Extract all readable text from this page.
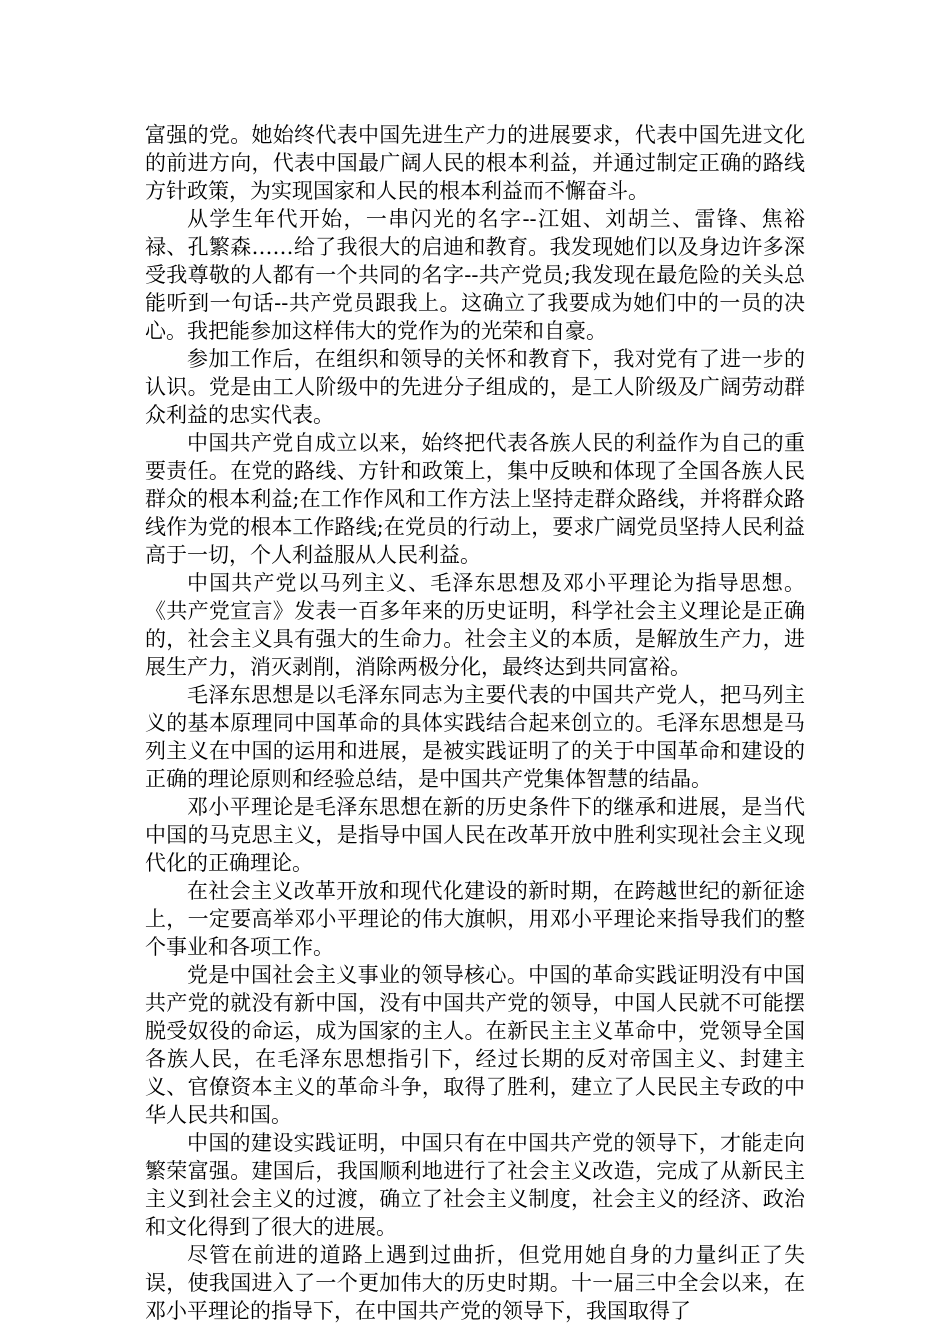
富强的党。她始终代表中国先进生产力的进展要求，代表中国先进文化的前进方向，代表中国最广阔人民的根本利益，并通过制定正确的路线方针政策，为实现国家和人民的根本利益而不懈奋斗。

从学生年代开始，一串闪光的名字--江姐、刘胡兰、雷锋、焦裕禄、孔繁森……给了我很大的启迪和教育。我发现她们以及身边许多深受我尊敬的人都有一个共同的名字--共产党员;我发现在最危险的关头总能听到一句话--共产党员跟我上。这确立了我要成为她们中的一员的决心。我把能参加这样伟大的党作为的光荣和自豪。

参加工作后，在组织和领导的关怀和教育下，我对党有了进一步的认识。党是由工人阶级中的先进分子组成的，是工人阶级及广阔劳动群众利益的忠实代表。

中国共产党自成立以来，始终把代表各族人民的利益作为自己的重要责任。在党的路线、方针和政策上，集中反映和体现了全国各族人民群众的根本利益;在工作作风和工作方法上坚持走群众路线，并将群众路线作为党的根本工作路线;在党员的行动上，要求广阔党员坚持人民利益高于一切，个人利益服从人民利益。

中国共产党以马列主义、毛泽东思想及邓小平理论为指导思想。《共产党宣言》发表一百多年来的历史证明，科学社会主义理论是正确的，社会主义具有强大的生命力。社会主义的本质，是解放生产力，进展生产力，消灭剥削，消除两极分化，最终达到共同富裕。

毛泽东思想是以毛泽东同志为主要代表的中国共产党人，把马列主义的基本原理同中国革命的具体实践结合起来创立的。毛泽东思想是马列主义在中国的运用和进展，是被实践证明了的关于中国革命和建设的正确的理论原则和经验总结，是中国共产党集体智慧的结晶。

邓小平理论是毛泽东思想在新的历史条件下的继承和进展，是当代中国的马克思主义，是指导中国人民在改革开放中胜利实现社会主义现代化的正确理论。

在社会主义改革开放和现代化建设的新时期，在跨越世纪的新征途上，一定要高举邓小平理论的伟大旗帜，用邓小平理论来指导我们的整个事业和各项工作。

党是中国社会主义事业的领导核心。中国的革命实践证明没有中国共产党的就没有新中国，没有中国共产党的领导，中国人民就不可能摆脱受奴役的命运，成为国家的主人。在新民主主义革命中，党领导全国各族人民，在毛泽东思想指引下，经过长期的反对帝国主义、封建主义、官僚资本主义的革命斗争，取得了胜利，建立了人民民主专政的中华人民共和国。

中国的建设实践证明，中国只有在中国共产党的领导下，才能走向繁荣富强。建国后，我国顺利地进行了社会主义改造，完成了从新民主主义到社会主义的过渡，确立了社会主义制度，社会主义的经济、政治和文化得到了很大的进展。

尽管在前进的道路上遇到过曲折，但党用她自身的力量纠正了失误，使我国进入了一个更加伟大的历史时期。十一届三中全会以来，在邓小平理论的指导下，在中国共产党的领导下，我国取得了
